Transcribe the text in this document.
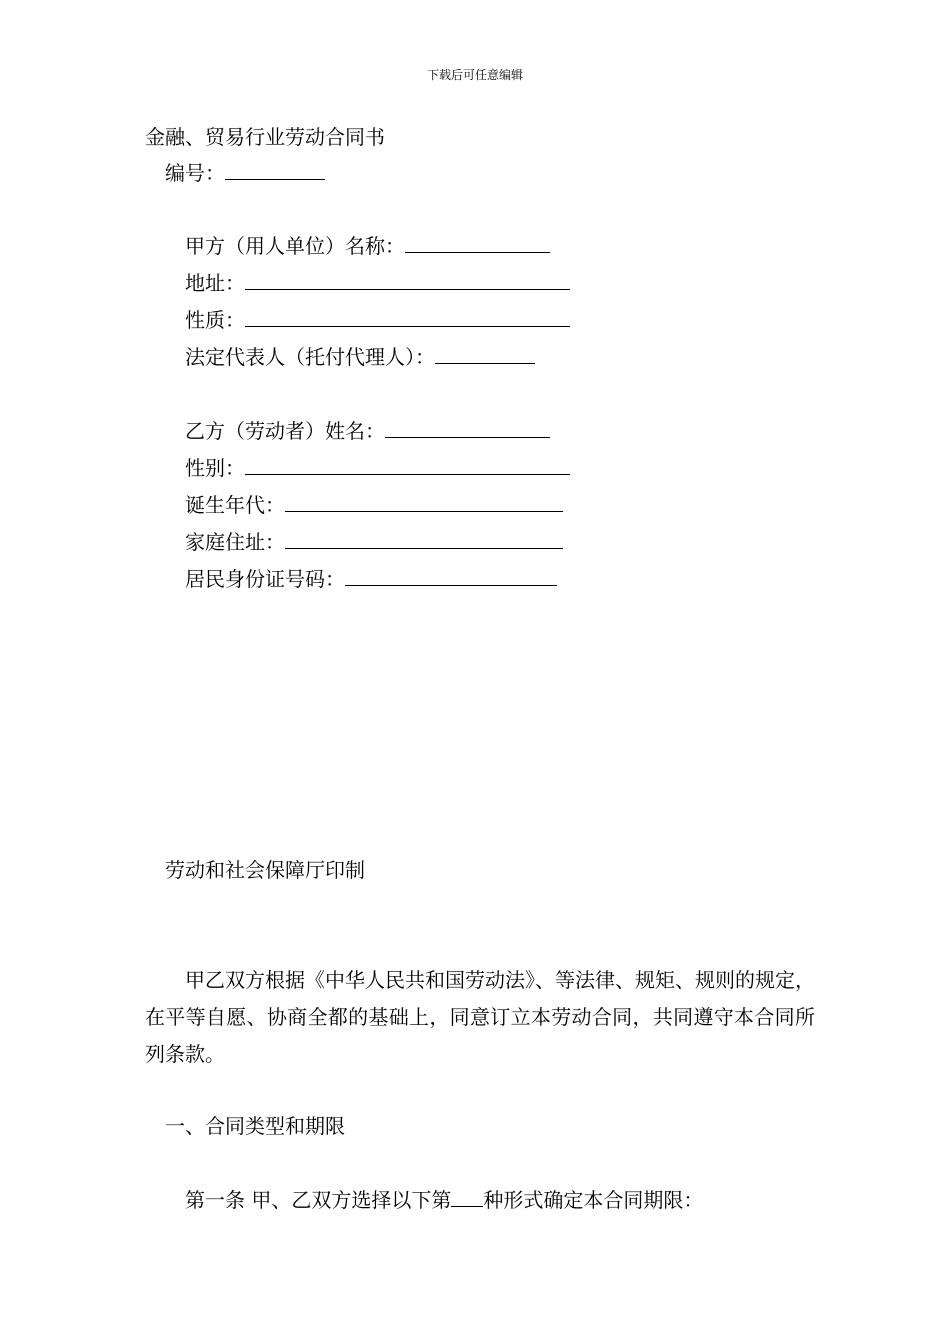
下载后可任意编辑
金融、贸易行业劳动合同书
编号：
甲方（用人单位）名称：
地址：
性质：
法定代表人（托付代理人）：
乙方（劳动者）姓名：
性别：
诞生年代：
家庭住址：
居民身份证号码：
劳动和社会保障厅印制
甲乙双方根据《中华人民共和国劳动法》、等法律、规矩、规则的规定，在平等自愿、协商全都的基础上，同意订立本劳动合同，共同遵守本合同所列条款。
一、合同类型和期限
第一条 甲、乙双方选择以下第 种形式确定本合同期限：
